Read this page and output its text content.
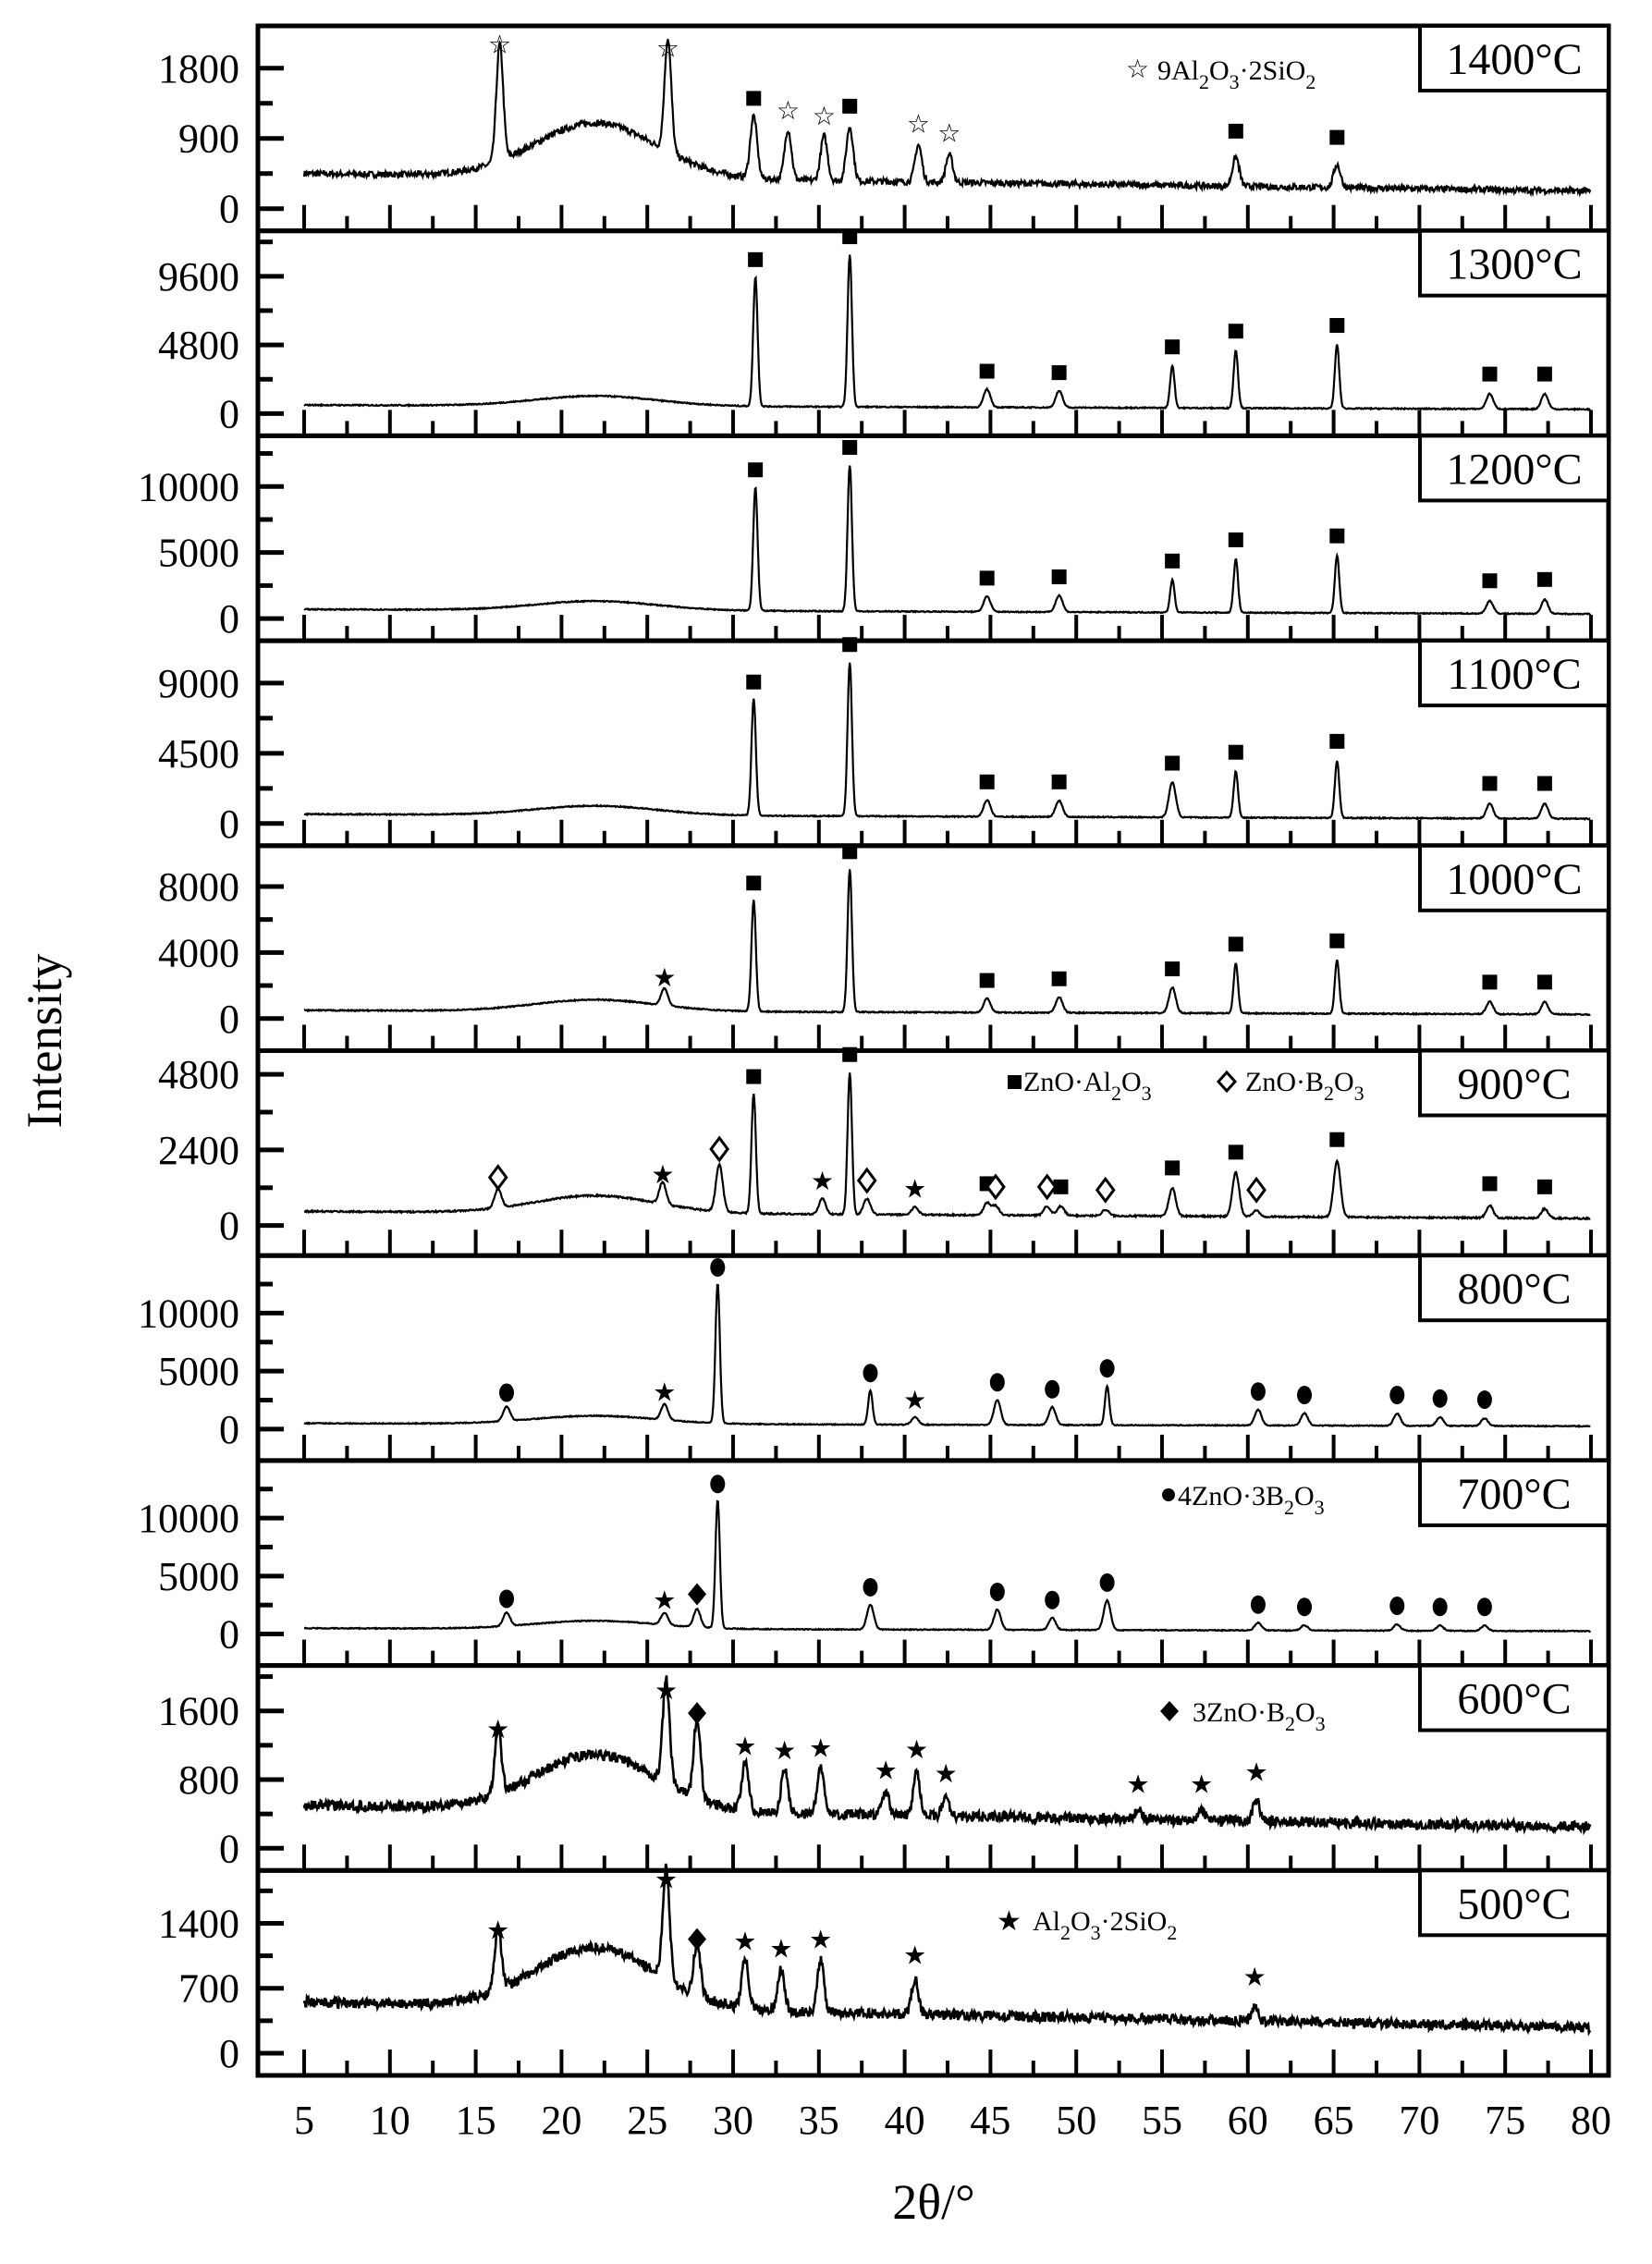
0
900
1800
☆	☆
☆ ☆	☆ ☆
1400°C
0
4800
9600	1300°C
0
5000
10000	1200°C
0
4500
9000	1100°C
0
4000
8000
★
1000°C
0
2400
4800
★	★	★
900°C
0
5000
10000
★	★
800°C
0
5000
10000
★
700°C
0
800
1600	★
★
★ ★ ★
★
★
★	★ ★ ★
600°C
0
700
1400	★
★
★ ★ ★
★
★
500°C
5 10 15 20 25 30 35 40 45 50 55 60 65 70 75 80
☆ $9Al_2O_3\cdot 2SiO_2$
$ZnO\cdot Al_2O_3$	$ZnO\cdot B_2O_3$
$4ZnO\cdot 3B_2O_3$
$3ZnO\cdot B_2O_3$
★ $Al_2O_3\cdot 2SiO_2$
Intensity
2θ/°
